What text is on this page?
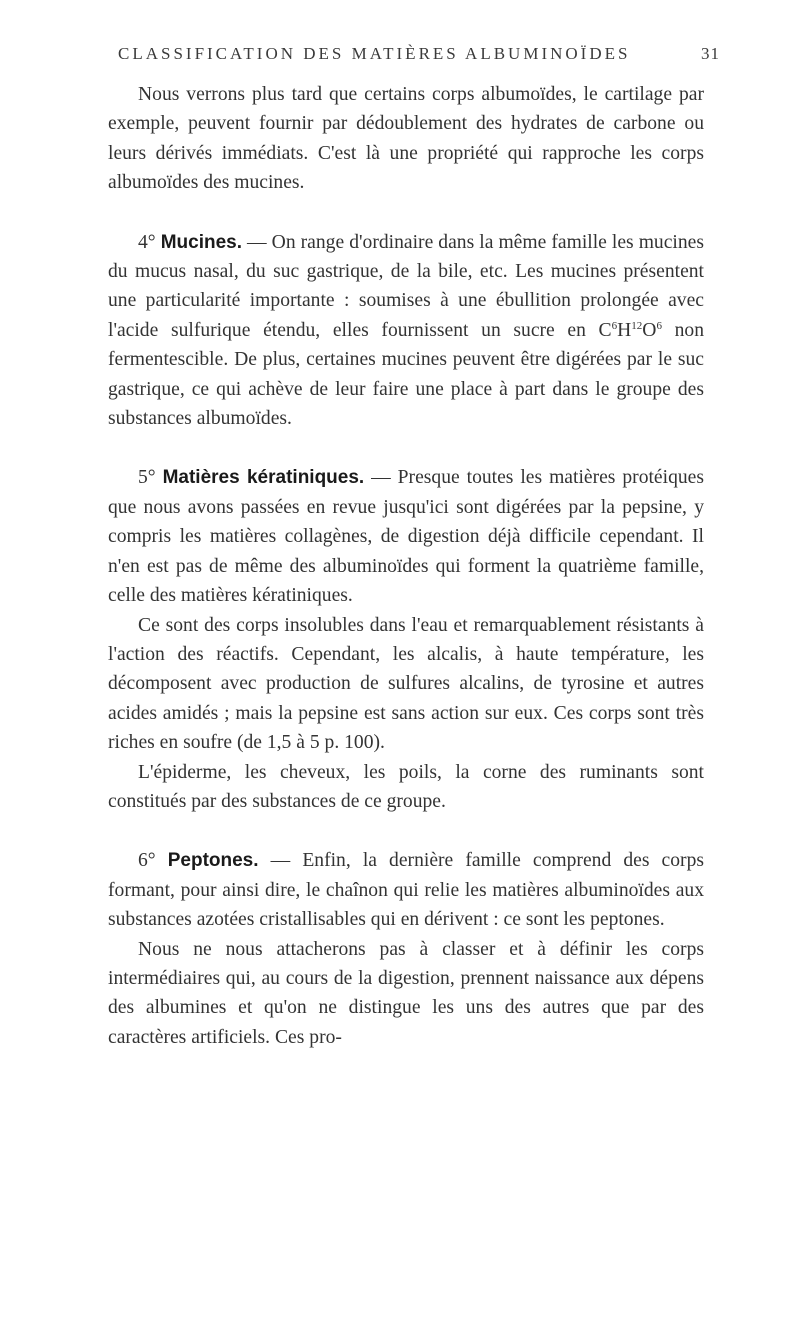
CLASSIFICATION DES MATIÈRES ALBUMINOÏDES	31

Nous verrons plus tard que certains corps albumoïdes, le cartilage par exemple, peuvent fournir par dédoublement des hydrates de carbone ou leurs dérivés immédiats. C'est là une propriété qui rapproche les corps albumoïdes des mucines.

4° Mucines. — On range d'ordinaire dans la même famille les mucines du mucus nasal, du suc gastrique, de la bile, etc. Les mucines présentent une particularité importante : soumises à une ébullition prolongée avec l'acide sulfurique étendu, elles fournissent un sucre en $C^6H^{12}O^6$ non fermentescible. De plus, certaines mucines peuvent être digérées par le suc gastrique, ce qui achève de leur faire une place à part dans le groupe des substances albumoïdes.

5° Matières kératiniques. — Presque toutes les matières protéiques que nous avons passées en revue jusqu'ici sont digérées par la pepsine, y compris les matières collagènes, de digestion déjà difficile cependant. Il n'en est pas de même des albuminoïdes qui forment la quatrième famille, celle des matières kératiniques.

Ce sont des corps insolubles dans l'eau et remarquablement résistants à l'action des réactifs. Cependant, les alcalis, à haute température, les décomposent avec production de sulfures alcalins, de tyrosine et autres acides amidés ; mais la pepsine est sans action sur eux. Ces corps sont très riches en soufre (de 1,5 à 5 p. 100).

L'épiderme, les cheveux, les poils, la corne des ruminants sont constitués par des substances de ce groupe.

6° Peptones. — Enfin, la dernière famille comprend des corps formant, pour ainsi dire, le chaînon qui relie les matières albuminoïdes aux substances azotées cristallisables qui en dérivent : ce sont les peptones.

Nous ne nous attacherons pas à classer et à définir les corps intermédiaires qui, au cours de la digestion, prennent naissance aux dépens des albumines et qu'on ne distingue les uns des autres que par des caractères artificiels. Ces pro-
